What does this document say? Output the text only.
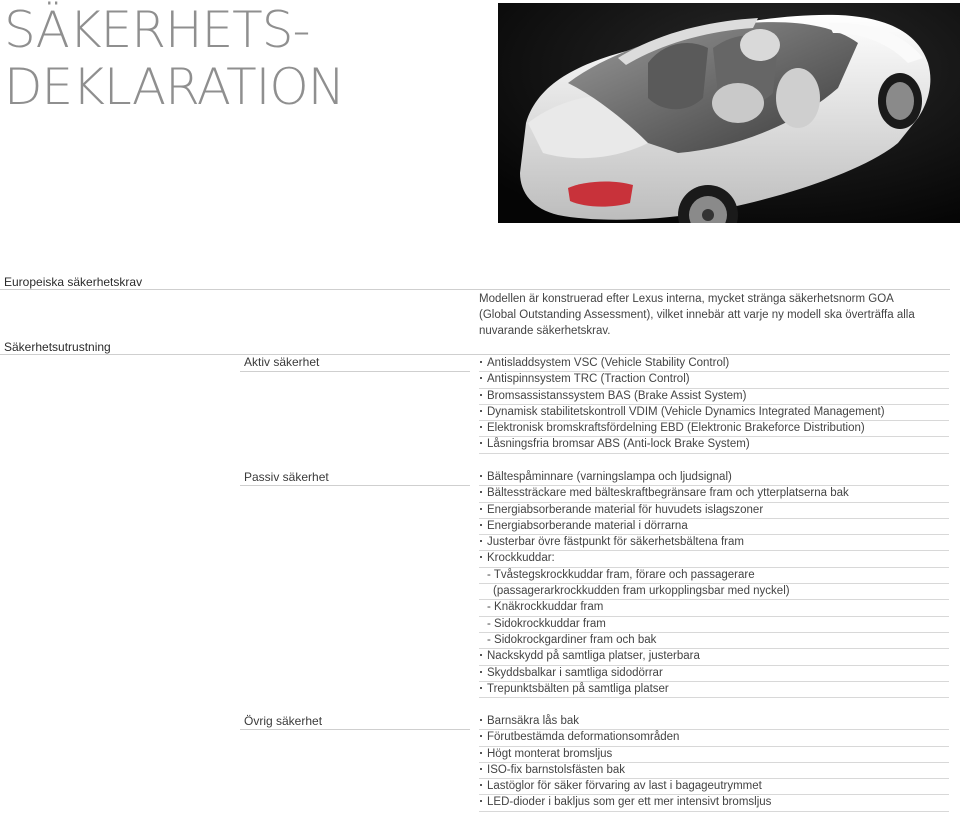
SÄKERHETS-
DEKLARATION
Europeiska säkerhetskrav
Modellen är konstruerad efter Lexus interna, mycket stränga säkerhetsnorm GOA (Global Outstanding Assessment), vilket innebär att varje ny modell ska överträffa alla nuvarande säkerhetskrav.
Säkerhetsutrustning
Aktiv säkerhet	Antisladdsystem VSC (Vehicle Stability Control)
Antispinnsystem TRC (Traction Control)
Bromsassistanssystem BAS (Brake Assist System)
Dynamisk stabilitetskontroll VDIM (Vehicle Dynamics Integrated Management)
Elektronisk bromskraftsfördelning EBD (Elektronic Brakeforce Distribution)
Låsningsfria bromsar ABS (Anti-lock Brake System)
Passiv säkerhet	Bältespåminnare (varningslampa och ljudsignal)
Bältessträckare med bälteskraftbegränsare fram och ytterplatserna bak
Energiabsorberande material för huvudets islagszoner
Energiabsorberande material i dörrarna
Justerbar övre fästpunkt för säkerhetsbältena fram
Krockkuddar:
- Tvåstegskrockkuddar fram, förare och passagerare
(passagerarkrockkudden fram urkopplingsbar med nyckel)
- Knäkrockkuddar fram
- Sidokrockkuddar fram
- Sidokrockgardiner fram och bak
Nackskydd på samtliga platser, justerbara
Skyddsbalkar i samtliga sidodörrar
Trepunktsbälten på samtliga platser
Övrig säkerhet	Barnsäkra lås bak
Förutbestämda deformationsområden
Högt monterat bromsljus
ISO-fix barnstolsfästen bak
Lastöglor för säker förvaring av last i bagageutrymmet
LED-dioder i bakljus som ger ett mer intensivt bromsljus
